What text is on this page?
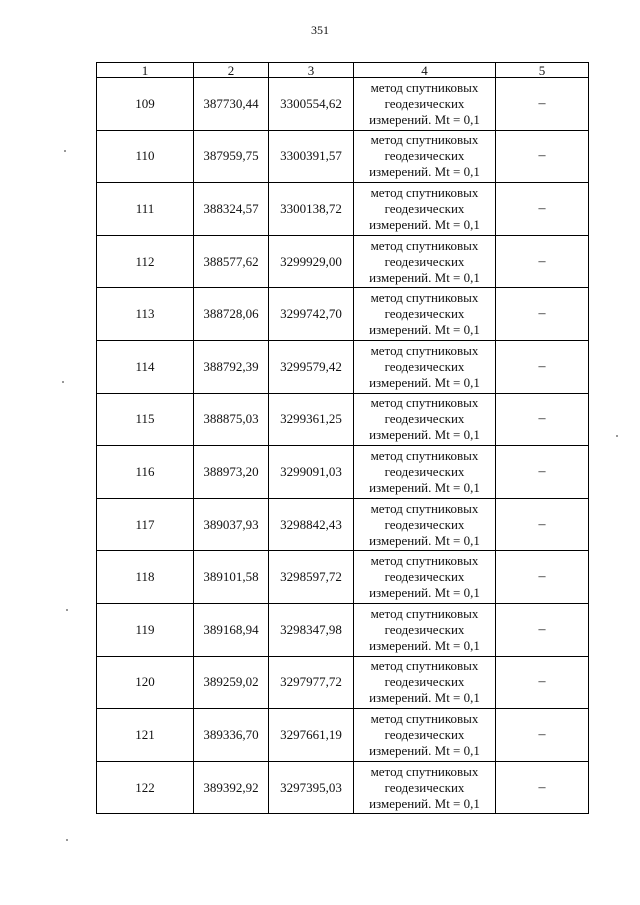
351
1	2	3	4	5
109	387730,44	3300554,62	метод спутниковых
геодезических
измерений. Mt = 0,1	–
110	387959,75	3300391,57	метод спутниковых
геодезических
измерений. Mt = 0,1	–
111	388324,57	3300138,72	метод спутниковых
геодезических
измерений. Mt = 0,1	–
112	388577,62	3299929,00	метод спутниковых
геодезических
измерений. Mt = 0,1	–
113	388728,06	3299742,70	метод спутниковых
геодезических
измерений. Mt = 0,1	–
114	388792,39	3299579,42	метод спутниковых
геодезических
измерений. Mt = 0,1	–
115	388875,03	3299361,25	метод спутниковых
геодезических
измерений. Mt = 0,1	–
116	388973,20	3299091,03	метод спутниковых
геодезических
измерений. Mt = 0,1	–
117	389037,93	3298842,43	метод спутниковых
геодезических
измерений. Mt = 0,1	–
118	389101,58	3298597,72	метод спутниковых
геодезических
измерений. Mt = 0,1	–
119	389168,94	3298347,98	метод спутниковых
геодезических
измерений. Mt = 0,1	–
120	389259,02	3297977,72	метод спутниковых
геодезических
измерений. Mt = 0,1	–
121	389336,70	3297661,19	метод спутниковых
геодезических
измерений. Mt = 0,1	–
122	389392,92	3297395,03	метод спутниковых
геодезических
измерений. Mt = 0,1	–
